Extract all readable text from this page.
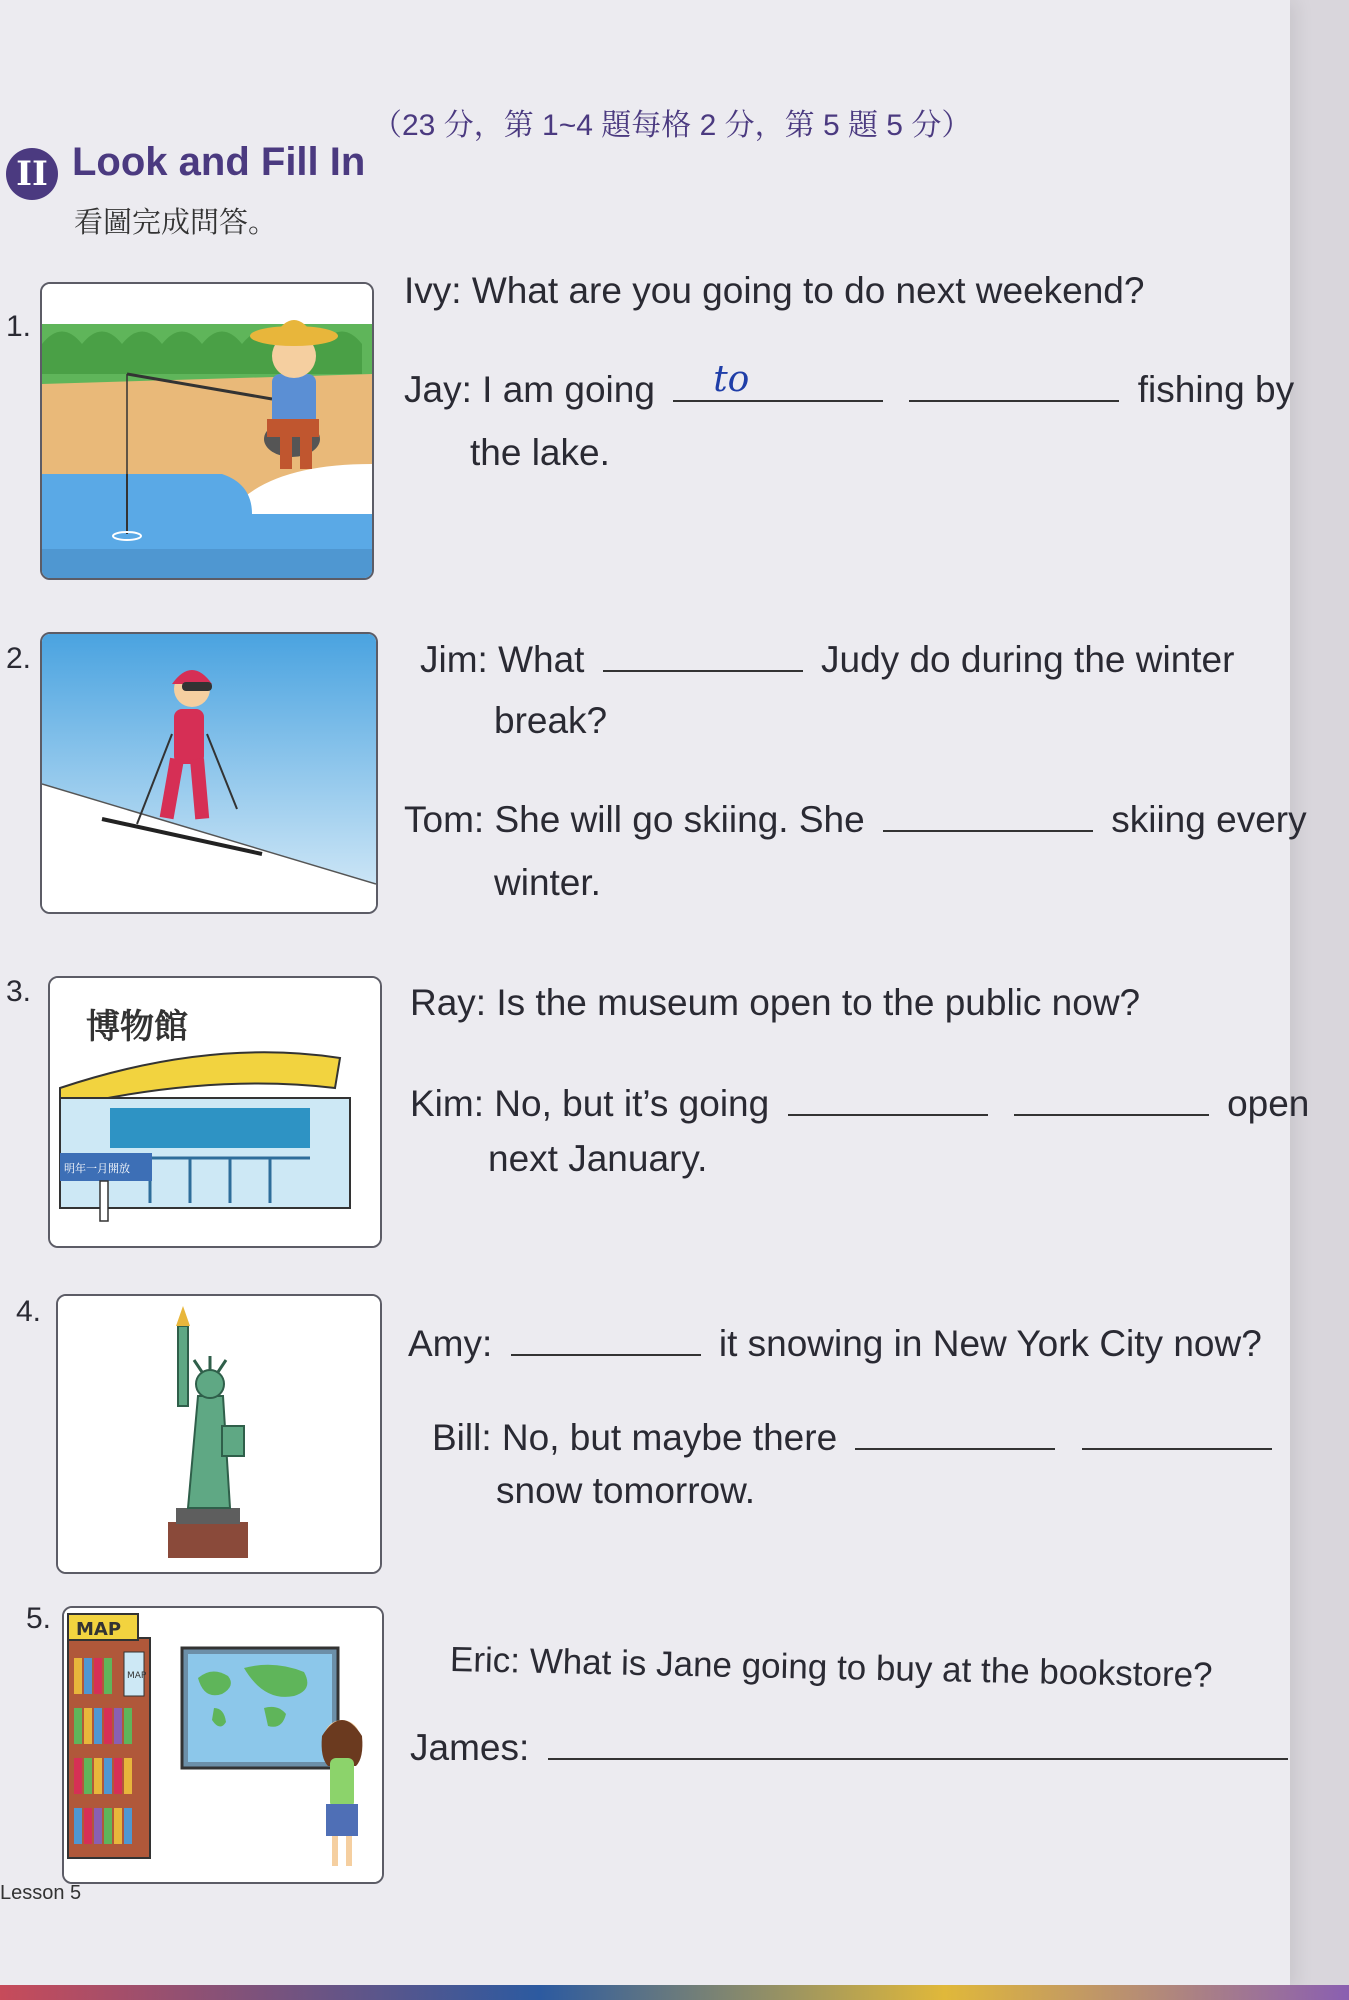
II Look and Fill In
（23 分，第 1~4 題每格 2 分，第 5 題 5 分）
看圖完成問答。
1.
Ivy: What are you going to do next weekend?
Jay: I am going to	fishing by
the lake.
2.	Jim: What	Judy do during the winter
break?
Tom: She will go skiing. She	skiing every
winter.
3.
博物館
明年一月開放
Ray: Is the museum open to the public now?
Kim: No, but it’s going	open
next January.
4.
Amy:	it snowing in New York City now?
Bill: No, but maybe there
snow tomorrow.
5. MAP
MAP	Eric: What is Jane going to buy at the bookstore?
James:
Lesson 5
